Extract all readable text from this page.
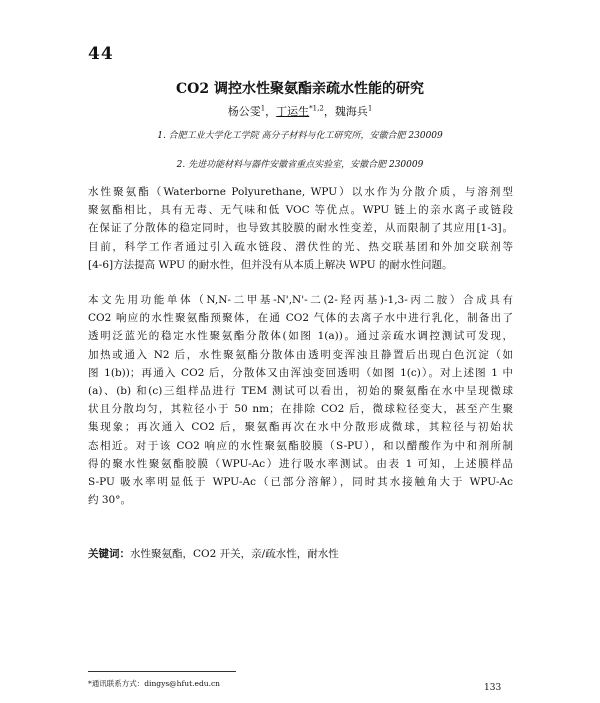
44
CO2 调控水性聚氨酯亲疏水性能的研究
杨公雯$^1$，丁运生$^{*1,2}$，魏海兵$^1$
1. 合肥工业大学化工学院 高分子材料与化工研究所，安徽合肥 230009
2. 先进功能材料与器件安徽省重点实验室，安徽合肥 230009
水性聚氨酯（Waterborne Polyurethane, WPU）以水作为分散介质，与溶剂型
聚氨酯相比，具有无毒、无气味和低 VOC 等优点。WPU 链上的亲水离子或链段
在保证了分散体的稳定同时，也导致其胶膜的耐水性变差，从而限制了其应用[1-3]。
目前，科学工作者通过引入疏水链段、潜伏性的光、热交联基团和外加交联剂等
[4-6]方法提高 WPU 的耐水性，但并没有从本质上解决 WPU 的耐水性问题。
本文先用功能单体（N,N-二甲基-N',N'-二(2-羟丙基)-1,3-丙二胺）合成具有
CO2 响应的水性聚氨酯预聚体，在通 CO2 气体的去离子水中进行乳化，制备出了
透明泛蓝光的稳定水性聚氨酯分散体(如图 1(a))。通过亲疏水调控测试可发现，
加热或通入 N2 后，水性聚氨酯分散体由透明变浑浊且静置后出现白色沉淀（如
图 1(b))；再通入 CO2 后，分散体又由浑浊变回透明（如图 1(c)）。对上述图 1 中
(a)、(b) 和(c)三组样品进行 TEM 测试可以看出，初始的聚氨酯在水中呈现微球
状且分散均匀，其粒径小于 50 nm；在排除 CO2 后，微球粒径变大，甚至产生聚
集现象；再次通入 CO2 后，聚氨酯再次在水中分散形成微球，其粒径与初始状
态相近。对于该 CO2 响应的水性聚氨酯胶膜（S-PU），和以醋酸作为中和剂所制
得的聚水性聚氨酯胶膜（WPU-Ac）进行吸水率测试。由表 1 可知，上述膜样品
S-PU 吸水率明显低于 WPU-Ac（已部分溶解），同时其水接触角大于 WPU-Ac
约 30°。
关键词：水性聚氨酯，CO2 开关，亲/疏水性，耐水性
*通讯联系方式：dingys@hfut.edu.cn	133
